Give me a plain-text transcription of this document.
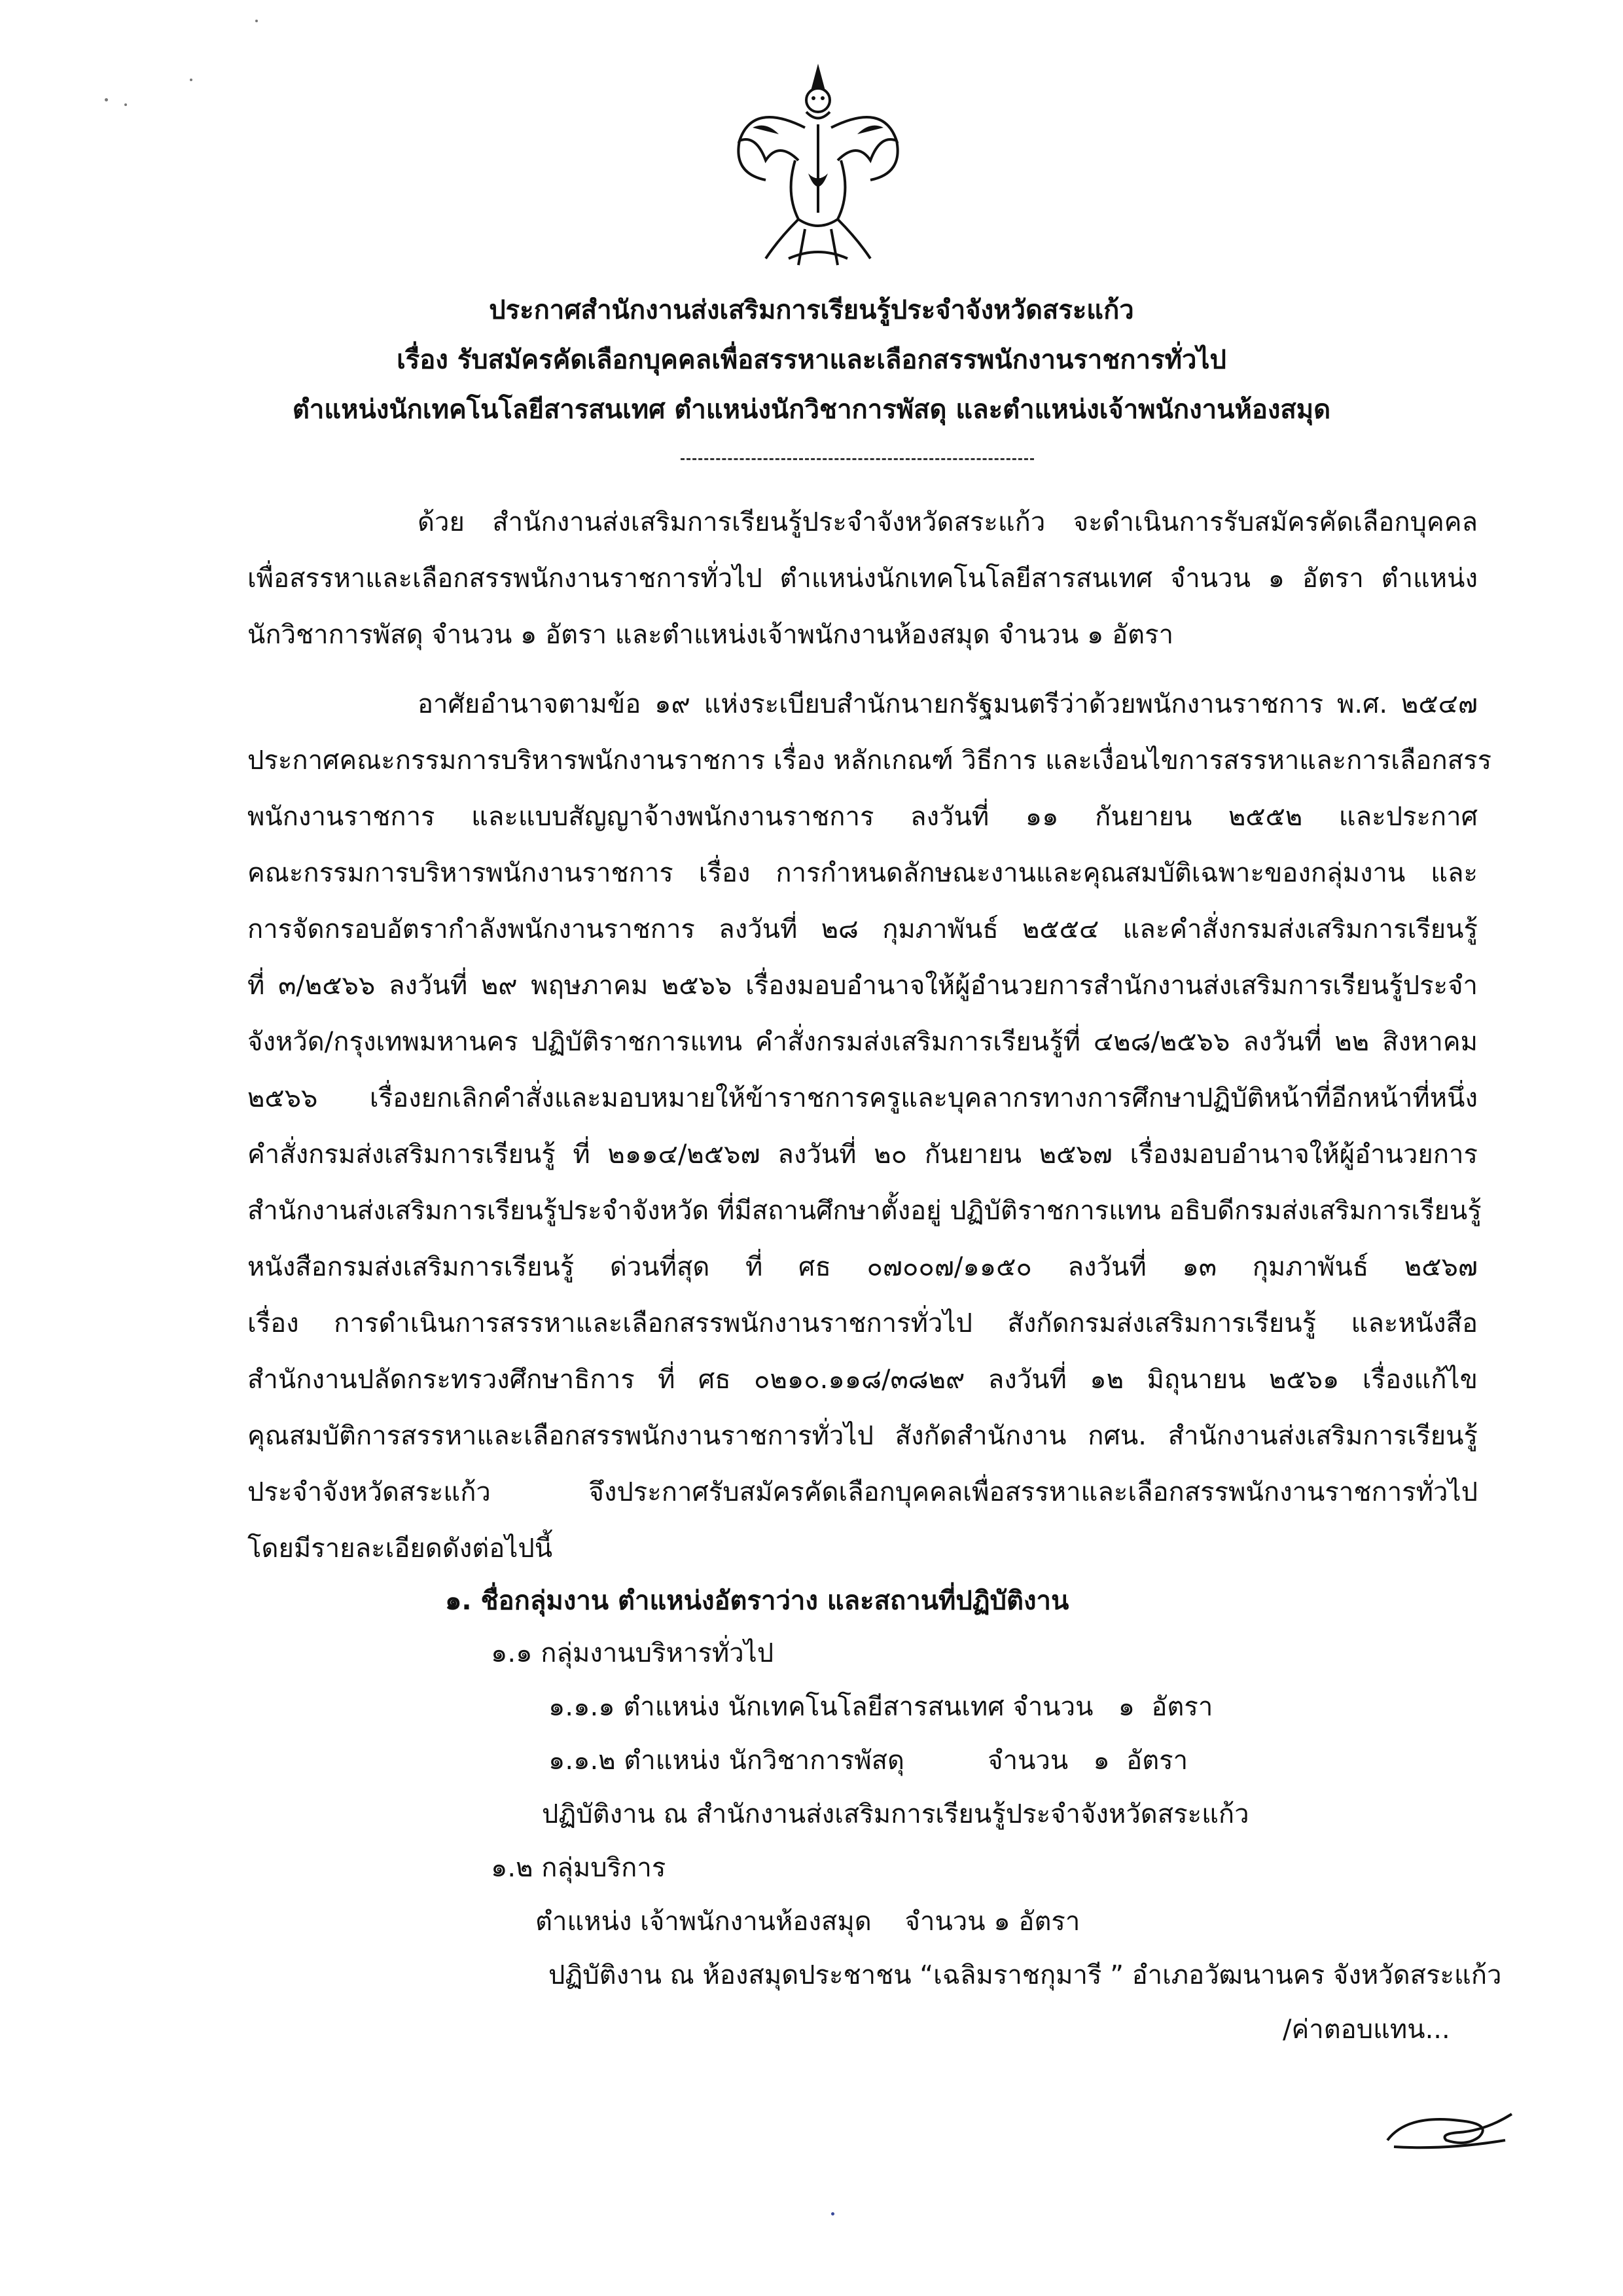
ประกาศสำนักงานส่งเสริมการเรียนรู้ประจำจังหวัดสระแก้ว
เรื่อง รับสมัครคัดเลือกบุคคลเพื่อสรรหาและเลือกสรรพนักงานราชการทั่วไป
ตำแหน่งนักเทคโนโลยีสารสนเทศ ตำแหน่งนักวิชาการพัสดุ และตำแหน่งเจ้าพนักงานห้องสมุด
ด้วย สำนักงานส่งเสริมการเรียนรู้ประจำจังหวัดสระแก้ว จะดำเนินการรับสมัครคัดเลือกบุคคล
เพื่อสรรหาและเลือกสรรพนักงานราชการทั่วไป ตำแหน่งนักเทคโนโลยีสารสนเทศ จำนวน ๑ อัตรา ตำแหน่ง
นักวิชาการพัสดุ จำนวน ๑ อัตรา และตำแหน่งเจ้าพนักงานห้องสมุด จำนวน ๑ อัตรา
อาศัยอำนาจตามข้อ ๑๙ แห่งระเบียบสำนักนายกรัฐมนตรีว่าด้วยพนักงานราชการ พ.ศ. ๒๕๔๗
ประกาศคณะกรรมการบริหารพนักงานราชการ เรื่อง หลักเกณฑ์ วิธีการ และเงื่อนไขการสรรหาและการเลือกสรร
พนักงานราชการ และแบบสัญญาจ้างพนักงานราชการ ลงวันที่ ๑๑ กันยายน ๒๕๕๒ และประกาศ
คณะกรรมการบริหารพนักงานราชการ เรื่อง การกำหนดลักษณะงานและคุณสมบัติเฉพาะของกลุ่มงาน และ
การจัดกรอบอัตรากำลังพนักงานราชการ ลงวันที่ ๒๘ กุมภาพันธ์ ๒๕๕๔ และคำสั่งกรมส่งเสริมการเรียนรู้
ที่ ๓/๒๕๖๖ ลงวันที่ ๒๙ พฤษภาคม ๒๕๖๖ เรื่องมอบอำนาจให้ผู้อำนวยการสำนักงานส่งเสริมการเรียนรู้ประจำ
จังหวัด/กรุงเทพมหานคร ปฏิบัติราชการแทน คำสั่งกรมส่งเสริมการเรียนรู้ที่ ๔๒๘/๒๕๖๖ ลงวันที่ ๒๒ สิงหาคม
๒๕๖๖ เรื่องยกเลิกคำสั่งและมอบหมายให้ข้าราชการครูและบุคลากรทางการศึกษาปฏิบัติหน้าที่อีกหน้าที่หนึ่ง
คำสั่งกรมส่งเสริมการเรียนรู้ ที่ ๒๑๑๔/๒๕๖๗ ลงวันที่ ๒๐ กันยายน ๒๕๖๗ เรื่องมอบอำนาจให้ผู้อำนวยการ
สำนักงานส่งเสริมการเรียนรู้ประจำจังหวัด ที่มีสถานศึกษาตั้งอยู่ ปฏิบัติราชการแทน อธิบดีกรมส่งเสริมการเรียนรู้
หนังสือกรมส่งเสริมการเรียนรู้ ด่วนที่สุด ที่ ศธ ๐๗๐๐๗/๑๑๕๐ ลงวันที่ ๑๓ กุมภาพันธ์ ๒๕๖๗
เรื่อง การดำเนินการสรรหาและเลือกสรรพนักงานราชการทั่วไป สังกัดกรมส่งเสริมการเรียนรู้ และหนังสือ
สำนักงานปลัดกระทรวงศึกษาธิการ ที่ ศธ ๐๒๑๐.๑๑๘/๓๘๒๙ ลงวันที่ ๑๒ มิถุนายน ๒๕๖๑ เรื่องแก้ไข
คุณสมบัติการสรรหาและเลือกสรรพนักงานราชการทั่วไป สังกัดสำนักงาน กศน. สำนักงานส่งเสริมการเรียนรู้
ประจำจังหวัดสระแก้ว จึงประกาศรับสมัครคัดเลือกบุคคลเพื่อสรรหาและเลือกสรรพนักงานราชการทั่วไป
โดยมีรายละเอียดดังต่อไปนี้
๑. ชื่อกลุ่มงาน ตำแหน่งอัตราว่าง และสถานที่ปฏิบัติงาน
๑.๑ กลุ่มงานบริหารทั่วไป
๑.๑.๑ ตำแหน่ง นักเทคโนโลยีสารสนเทศ จำนวน   ๑  อัตรา
๑.๑.๒ ตำแหน่ง นักวิชาการพัสดุ          จำนวน   ๑  อัตรา
ปฏิบัติงาน ณ สำนักงานส่งเสริมการเรียนรู้ประจำจังหวัดสระแก้ว
๑.๒ กลุ่มบริการ
ตำแหน่ง เจ้าพนักงานห้องสมุด    จำนวน ๑ อัตรา
ปฏิบัติงาน ณ ห้องสมุดประชาชน “เฉลิมราชกุมารี ” อำเภอวัฒนานคร จังหวัดสระแก้ว
/ค่าตอบแทน...
